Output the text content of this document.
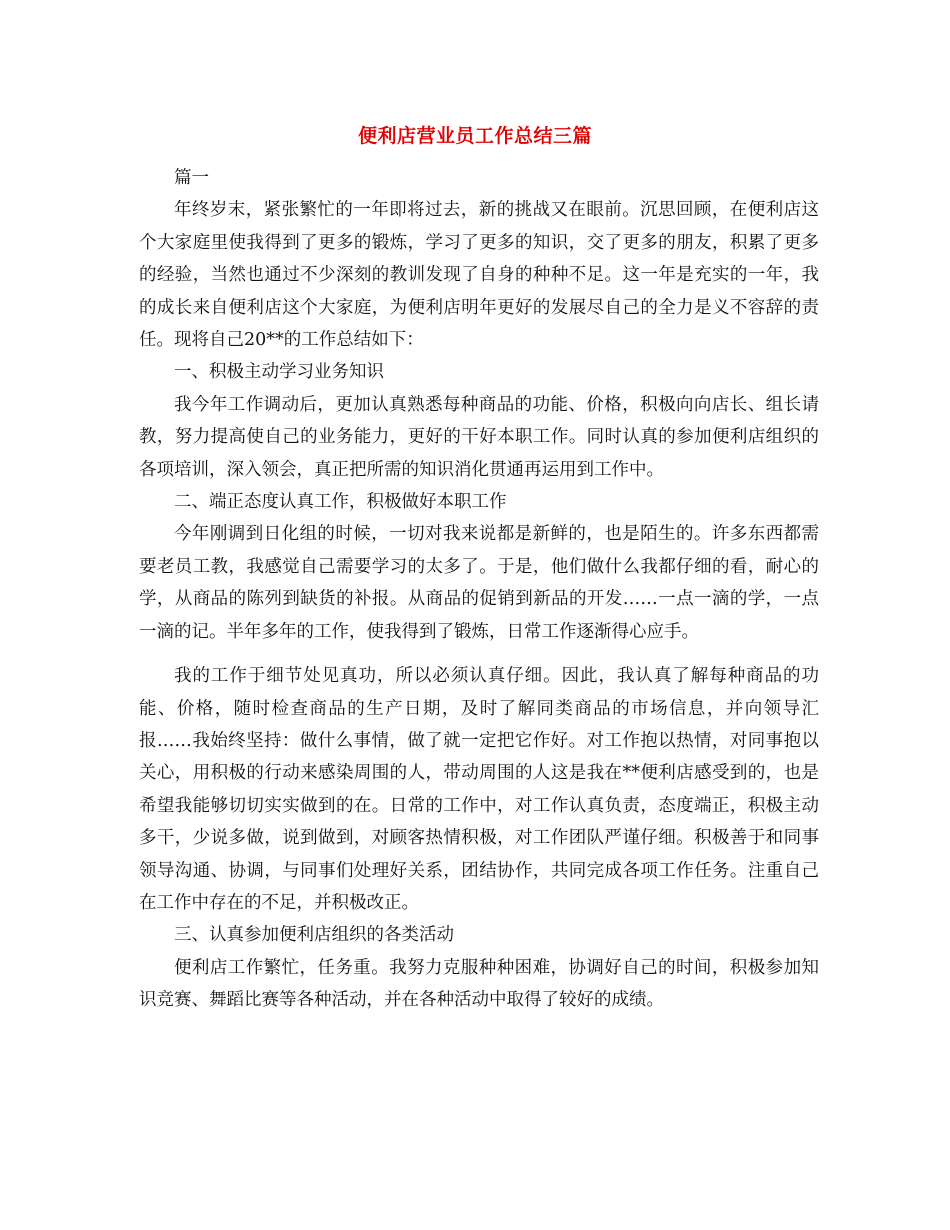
便利店营业员工作总结三篇

篇一

年终岁末，紧张繁忙的一年即将过去，新的挑战又在眼前。沉思回顾，在便利店这个大家庭里使我得到了更多的锻炼，学习了更多的知识，交了更多的朋友，积累了更多的经验，当然也通过不少深刻的教训发现了自身的种种不足。这一年是充实的一年，我的成长来自便利店这个大家庭，为便利店明年更好的发展尽自己的全力是义不容辞的责任。现将自己20**的工作总结如下：

一、积极主动学习业务知识

我今年工作调动后，更加认真熟悉每种商品的功能、价格，积极向向店长、组长请教，努力提高使自己的业务能力，更好的干好本职工作。同时认真的参加便利店组织的各项培训，深入领会，真正把所需的知识消化贯通再运用到工作中。

二、端正态度认真工作，积极做好本职工作

今年刚调到日化组的时候，一切对我来说都是新鲜的，也是陌生的。许多东西都需要老员工教，我感觉自己需要学习的太多了。于是，他们做什么我都仔细的看，耐心的学，从商品的陈列到缺货的补报。从商品的促销到新品的开发……一点一滴的学，一点一滴的记。半年多年的工作，使我得到了锻炼，日常工作逐渐得心应手。

我的工作于细节处见真功，所以必须认真仔细。因此，我认真了解每种商品的功能、价格，随时检查商品的生产日期，及时了解同类商品的市场信息，并向领导汇报……我始终坚持：做什么事情，做了就一定把它作好。对工作抱以热情，对同事抱以关心，用积极的行动来感染周围的人，带动周围的人这是我在**便利店感受到的，也是希望我能够切切实实做到的在。日常的工作中，对工作认真负责，态度端正，积极主动多干，少说多做，说到做到，对顾客热情积极，对工作团队严谨仔细。积极善于和同事领导沟通、协调，与同事们处理好关系，团结协作，共同完成各项工作任务。注重自己在工作中存在的不足，并积极改正。

三、认真参加便利店组织的各类活动

便利店工作繁忙，任务重。我努力克服种种困难，协调好自己的时间，积极参加知识竞赛、舞蹈比赛等各种活动，并在各种活动中取得了较好的成绩。
